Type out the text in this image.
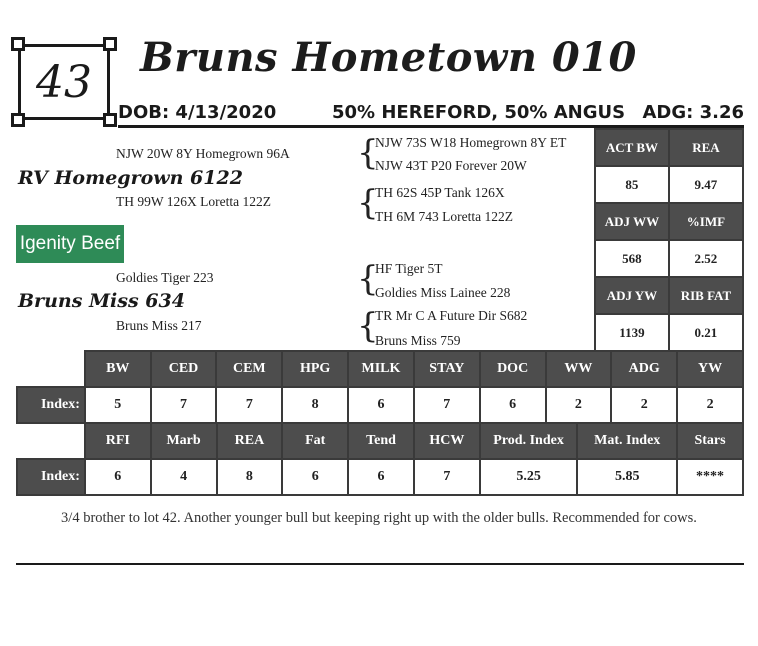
43	Bruns Hometown 010
DOB: 4/13/2020	50% HEREFORD, 50% ANGUS ADG: 3.26
NJW 20W 8Y Homegrown 96A
RV Homegrown 6122
TH 99W 126X Loretta 122Z
Igenity Beef
Goldies Tiger 223
Bruns Miss 634
Bruns Miss 217
{
NJW 73S W18 Homegrown 8Y ET
NJW 43T P20 Forever 20W
{
TH 62S 45P Tank 126X
TH 6M 743 Loretta 122Z
{
HF Tiger 5T
Goldies Miss Lainee 228
{
TR Mr C A Future Dir S682
Bruns Miss 759
ACT BW	REA
85	9.47
ADJ WW	%IMF
568	2.52
ADJ YW	RIB FAT
1139	0.21
	BW	CED	CEM	HPG	MILK	STAY	DOC	WW	ADG	YW
Index:	5	7	7	8	6	7	6	2	2	2
	RFI	Marb	REA	Fat	Tend	HCW	Prod. Index	Mat. Index	Stars
Index:	6	4	8	6	6	7	5.25	5.85	****
3/4 brother to lot 42. Another younger bull but keeping right up with the older bulls. Recommended for cows.
